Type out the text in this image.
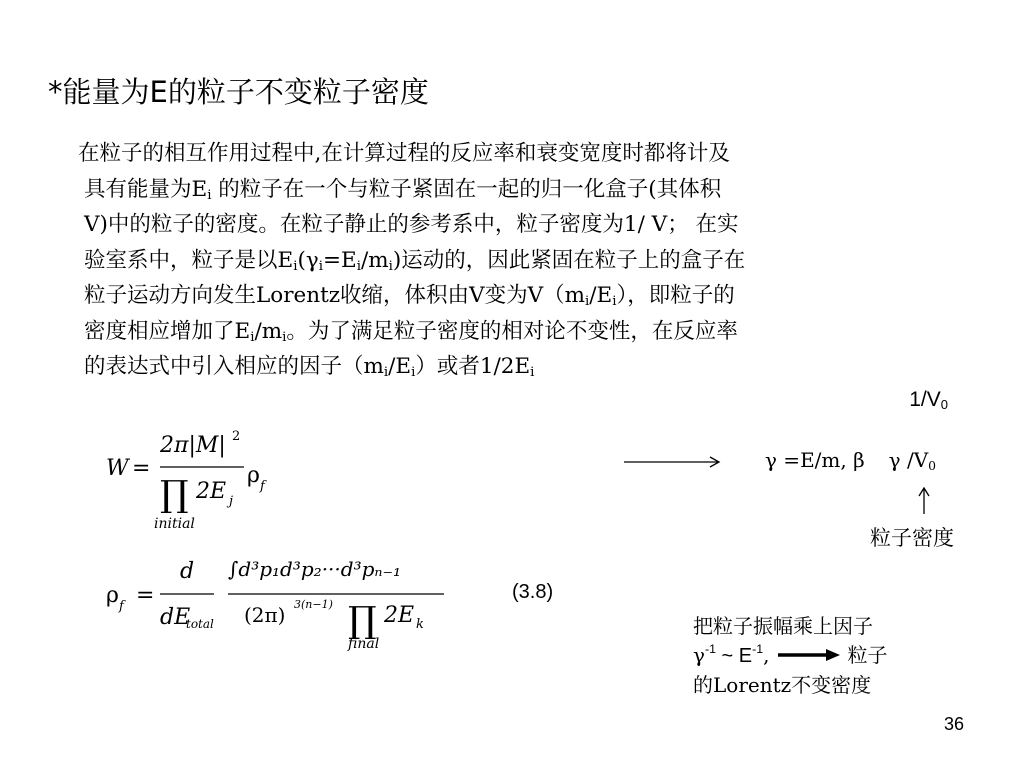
*能量为E的粒子不变粒子密度
在粒子的相互作用过程中,在计算过程的反应率和衰变宽度时都将计及
具有能量为$E_i$ 的粒子在一个与粒子紧固在一起的归一化盒子(其体积
V)中的粒子的密度。在粒子静止的参考系中，粒子密度为1/ V； 在实
验室系中，粒子是以$E_i(\gamma_i=E_i/m_i)$运动的，因此紧固在粒子上的盒子在
粒子运动方向发生Lorentz收缩，体积由V变为$V(m_i/E_i)$，即粒子的
密度相应增加了$E_i/m_i$。为了满足粒子密度的相对论不变性，在反应率
的表达式中引入相应的因子$(m_i/E_i)$或者$1/2E_i$
$1/V_0$
W =
2π|M| 2
∏ 2E j
initial
ρ f
ρ f =
d
dE
total
∫d³p₁d³p₂···d³pₙ₋₁
(2π) 3(n−1) ∏ 2E k
final
(3.8)
γ =E/m, β γ $/V_0$
粒子密度
把粒子振幅乘上因子
$\gamma^{-1}$ ~ $E^{-1}$,	粒子
的Lorentz不变密度
36
